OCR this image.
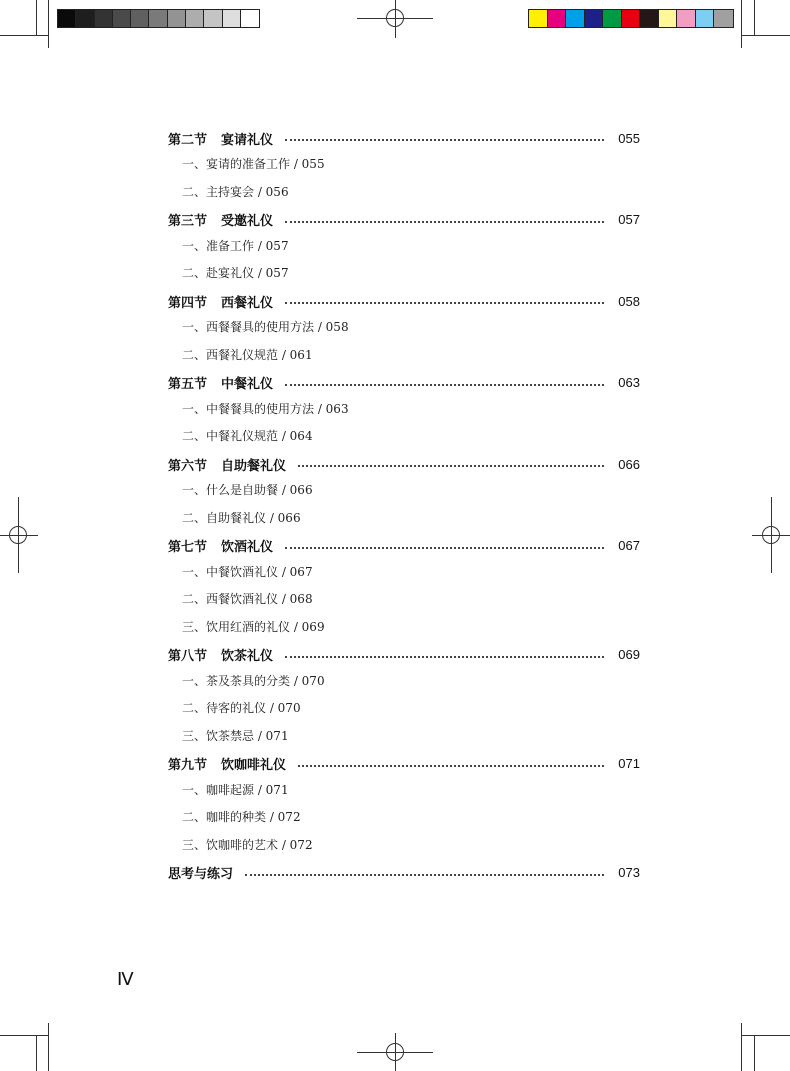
第二节 宴请礼仪	055
一、宴请的准备工作 / 055
二、主持宴会 / 056
第三节 受邀礼仪	057
一、准备工作 / 057
二、赴宴礼仪 / 057
第四节 西餐礼仪	058
一、西餐餐具的使用方法 / 058
二、西餐礼仪规范 / 061
第五节 中餐礼仪	063
一、中餐餐具的使用方法 / 063
二、中餐礼仪规范 / 064
第六节 自助餐礼仪	066
一、什么是自助餐 / 066
二、自助餐礼仪 / 066
第七节 饮酒礼仪	067
一、中餐饮酒礼仪 / 067
二、西餐饮酒礼仪 / 068
三、饮用红酒的礼仪 / 069
第八节 饮茶礼仪	069
一、茶及茶具的分类 / 070
二、待客的礼仪 / 070
三、饮茶禁忌 / 071
第九节 饮咖啡礼仪	071
一、咖啡起源 / 071
二、咖啡的种类 / 072
三、饮咖啡的艺术 / 072
思考与练习	073
Ⅳ
